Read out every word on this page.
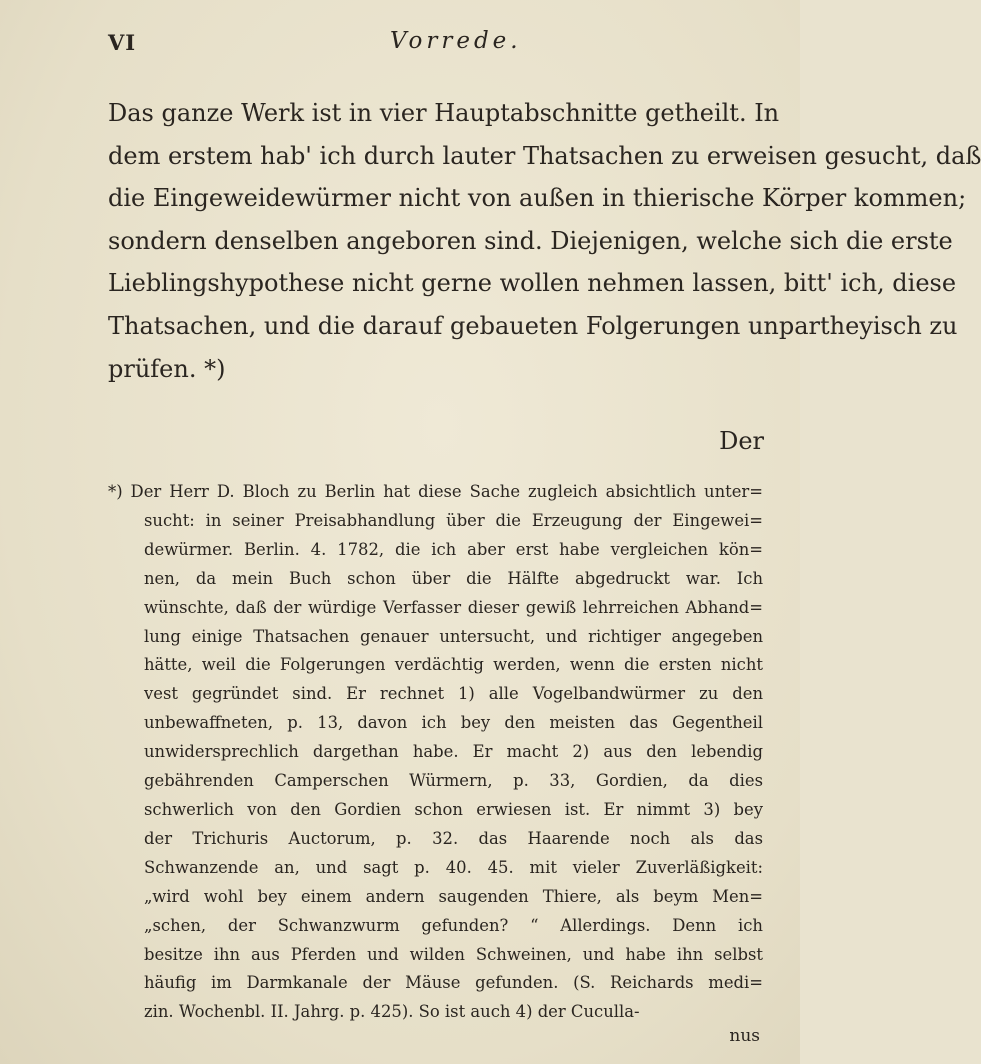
VI	Vorrede.
Das ganze Werk ist in vier Hauptabschnitte getheilt. In
dem erstem hab' ich durch lauter Thatsachen zu erweisen gesucht, daß
die Eingeweidewürmer nicht von außen in thierische Körper kommen;
sondern denselben angeboren sind. Diejenigen, welche sich die erste
Lieblingshypothese nicht gerne wollen nehmen lassen, bitt' ich, diese
Thatsachen, und die darauf gebaueten Folgerungen unpartheyisch zu
prüfen. *)
Der
*) Der Herr D. Bloch zu Berlin hat diese Sache zugleich absichtlich unter=
sucht: in seiner Preisabhandlung über die Erzeugung der Eingewei=
dewürmer. Berlin. 4. 1782, die ich aber erst habe vergleichen kön=
nen, da mein Buch schon über die Hälfte abgedruckt war. Ich
wünschte, daß der würdige Verfasser dieser gewiß lehrreichen Abhand=
lung einige Thatsachen genauer untersucht, und richtiger angegeben
hätte, weil die Folgerungen verdächtig werden, wenn die ersten nicht
vest gegründet sind. Er rechnet 1) alle Vogelbandwürmer zu den
unbewaffneten, p. 13, davon ich bey den meisten das Gegentheil
unwidersprechlich dargethan habe. Er macht 2) aus den lebendig
gebährenden Camperschen Würmern, p. 33, Gordien, da dies
schwerlich von den Gordien schon erwiesen ist. Er nimmt 3) bey
der Trichuris Auctorum, p. 32. das Haarende noch als das
Schwanzende an, und sagt p. 40. 45. mit vieler Zuverläßigkeit:
„wird wohl bey einem andern saugenden Thiere, als beym Men=
„schen, der Schwanzwurm gefunden? “ Allerdings. Denn ich
besitze ihn aus Pferden und wilden Schweinen, und habe ihn selbst
häufig im Darmkanale der Mäuse gefunden. (S. Reichards medi=
zin. Wochenbl. II. Jahrg. p. 425). So ist auch 4) der Cuculla-
nus
